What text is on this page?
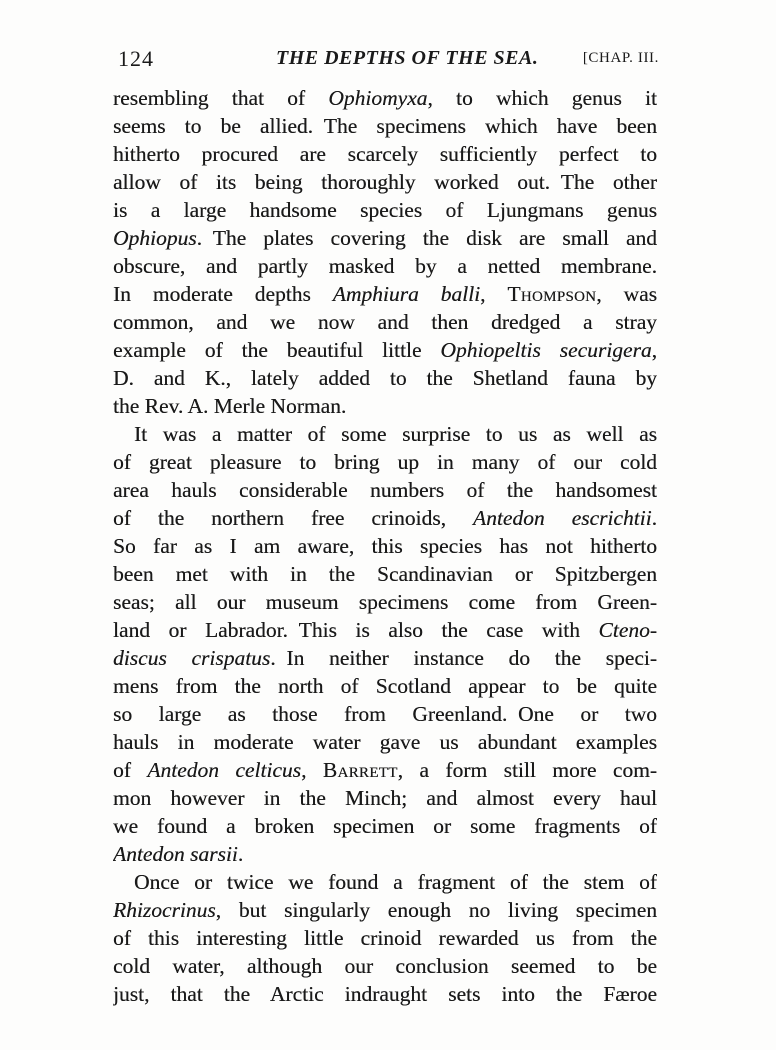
124	THE DEPTHS OF THE SEA.	[CHAP. III.
resembling that of Ophiomyxa, to which genus it
seems to be allied. The specimens which have been
hitherto procured are scarcely sufficiently perfect to
allow of its being thoroughly worked out. The other
is a large handsome species of Ljungmans genus
Ophiopus. The plates covering the disk are small and
obscure, and partly masked by a netted membrane.
In moderate depths Amphiura balli, Thompson, was
common, and we now and then dredged a stray
example of the beautiful little Ophiopeltis securigera,
D. and K., lately added to the Shetland fauna by
the Rev. A. Merle Norman.
It was a matter of some surprise to us as well as
of great pleasure to bring up in many of our cold
area hauls considerable numbers of the handsomest
of the northern free crinoids, Antedon escrichtii.
So far as I am aware, this species has not hitherto
been met with in the Scandinavian or Spitzbergen
seas; all our museum specimens come from Green-
land or Labrador. This is also the case with Cteno-
discus crispatus. In neither instance do the speci-
mens from the north of Scotland appear to be quite
so large as those from Greenland. One or two
hauls in moderate water gave us abundant examples
of Antedon celticus, Barrett, a form still more com-
mon however in the Minch; and almost every haul
we found a broken specimen or some fragments of
Antedon sarsii.
Once or twice we found a fragment of the stem of
Rhizocrinus, but singularly enough no living specimen
of this interesting little crinoid rewarded us from the
cold water, although our conclusion seemed to be
just, that the Arctic indraught sets into the Færoe
